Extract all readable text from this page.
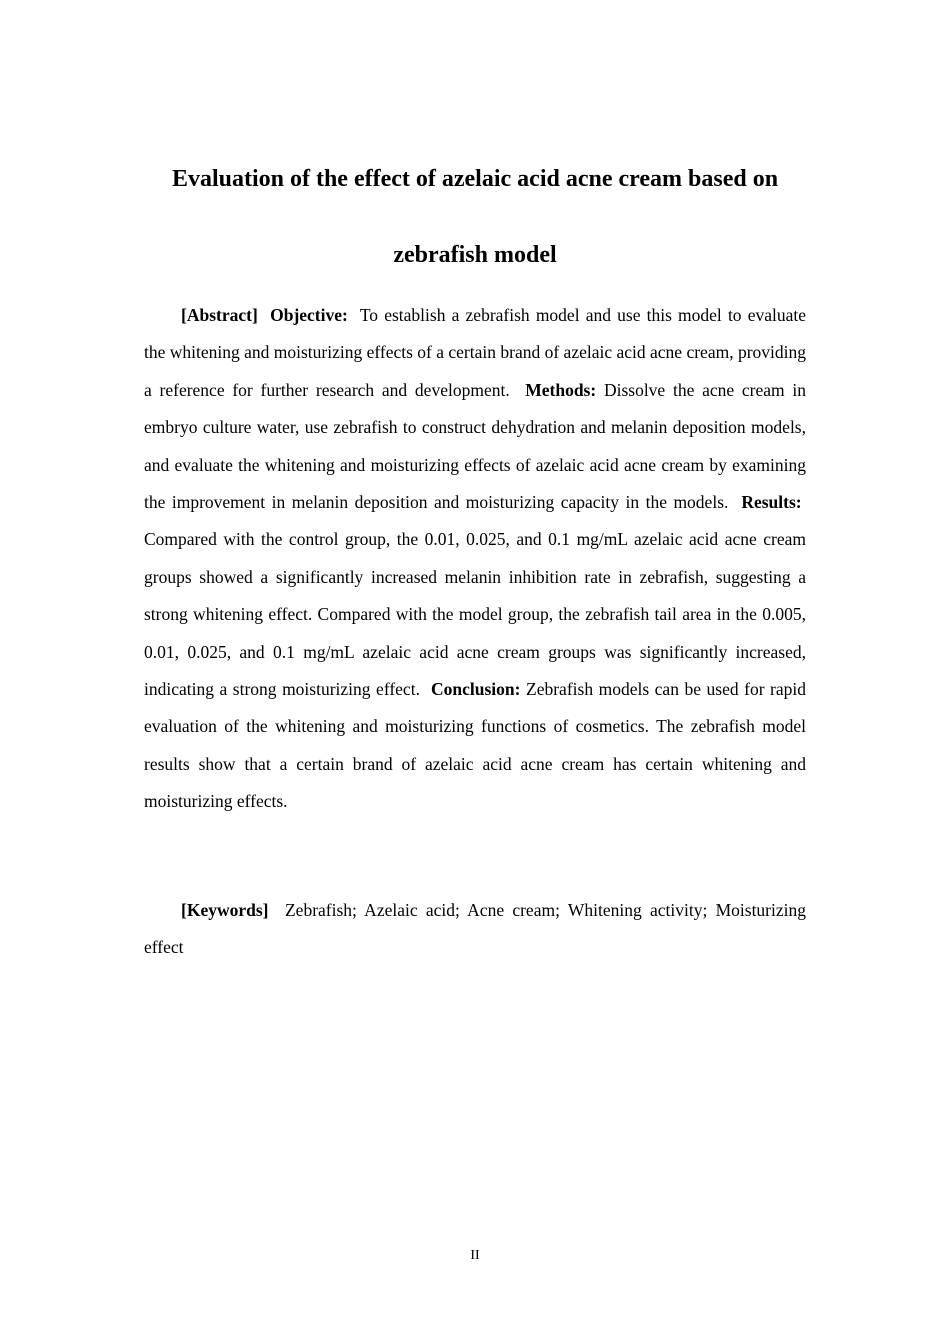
Evaluation of the effect of azelaic acid acne cream based on
zebrafish model

[Abstract] Objective: To establish a zebrafish model and use this model to evaluate the whitening and moisturizing effects of a certain brand of azelaic acid acne cream, providing a reference for further research and development. Methods: Dissolve the acne cream in embryo culture water, use zebrafish to construct dehydration and melanin deposition models, and evaluate the whitening and moisturizing effects of azelaic acid acne cream by examining the improvement in melanin deposition and moisturizing capacity in the models. Results:  Compared with the control group, the 0.01, 0.025, and 0.1 mg/mL azelaic acid acne cream groups showed a significantly increased melanin inhibition rate in zebrafish, suggesting a strong whitening effect. Compared with the model group, the zebrafish tail area in the 0.005, 0.01, 0.025, and 0.1 mg/mL azelaic acid acne cream groups was significantly increased, indicating a strong moisturizing effect. Conclusion: Zebrafish models can be used for rapid evaluation of the whitening and moisturizing functions of cosmetics. The zebrafish model results show that a certain brand of azelaic acid acne cream has certain whitening and moisturizing effects.

[Keywords] Zebrafish; Azelaic acid; Acne cream; Whitening activity; Moisturizing effect

II
